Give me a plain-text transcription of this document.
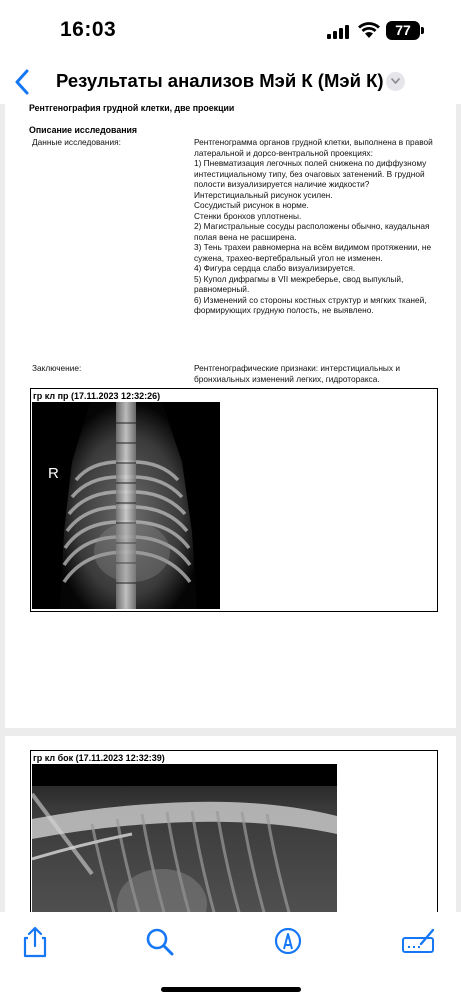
16:03	77
Результаты анализов Мэй К (Мэй К)
Рентгенография грудной клетки, две проекции
Описание исследования
Данные исследования:	Рентгенограмма органов грудной клетки, выполнена в правой латеральной и дорсо-вентральной проекциях:

1) Пневматизация легочных полей снижена по диффузному интестициальному типу, без очаговых затенений. В грудной полости визуализируется наличие жидкости?

Интерстициальный рисунок усилен.

Сосудистый рисунок в норме.

Стенки бронхов уплотнены.

2) Магистральные сосуды расположены обычно, каудальная полая вена не расширена.

3) Тень трахеи равномерна на всём видимом протяжении, не сужена, трахео-вертебральный угол не изменен.

4) Фигура сердца слабо визуализируется.

5) Купол дифрагмы в VII межреберье, свод выпуклый, равномерный.

6) Изменений со стороны костных структур и мягких тканей, формирующих грудную полость, не выявлено.

Заключение:	Рентгенографические признаки: интерстициальных и бронхиальных изменений легких, гидроторакса.
гр кл пр (17.11.2023 12:32:26)
R
гр кл бок (17.11.2023 12:32:39)
